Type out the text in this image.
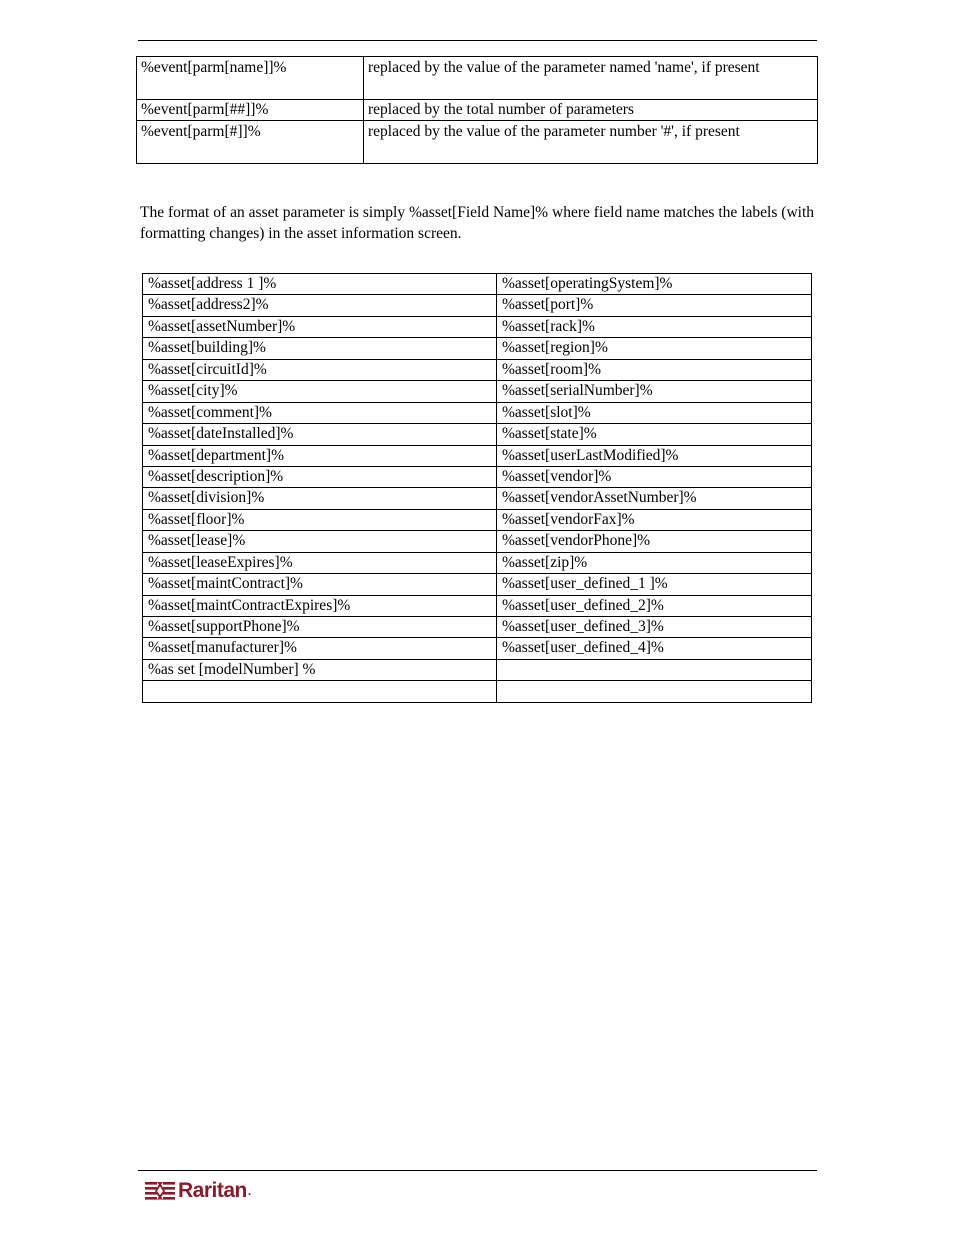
%event[parm[name]]%	replaced by the value of the parameter named 'name', if present
%event[parm[##]]%	replaced by the total number of parameters
%event[parm[#]]%	replaced by the value of the parameter number '#', if present

The format of an asset parameter is simply %asset[Field Name]% where field name matches the labels (with formatting changes) in the asset information screen.

%asset[address 1 ]%	%asset[operatingSystem]%
%asset[address2]%	%asset[port]%
%asset[assetNumber]%	%asset[rack]%
%asset[building]%	%asset[region]%
%asset[circuitId]%	%asset[room]%
%asset[city]%	%asset[serialNumber]%
%asset[comment]%	%asset[slot]%
%asset[dateInstalled]%	%asset[state]%
%asset[department]%	%asset[userLastModified]%
%asset[description]%	%asset[vendor]%
%asset[division]%	%asset[vendorAssetNumber]%
%asset[floor]%	%asset[vendorFax]%
%asset[lease]%	%asset[vendorPhone]%
%asset[leaseExpires]%	%asset[zip]%
%asset[maintContract]%	%asset[user_defined_1 ]%
%asset[maintContractExpires]%	%asset[user_defined_2]%
%asset[supportPhone]%	%asset[user_defined_3]%
%asset[manufacturer]%	%asset[user_defined_4]%
%as set [modelNumber] %	

Raritan .
